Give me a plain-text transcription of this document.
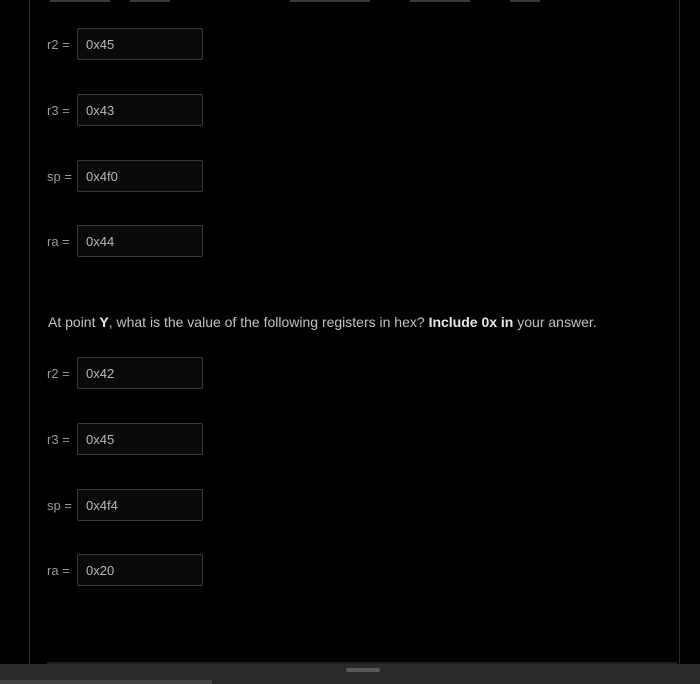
r2 =	0x45
r3 =	0x43
sp =	0x4f0
ra =	0x44
At point Y, what is the value of the following registers in hex? Include 0x in your answer.
r2 =	0x42
r3 =	0x45
sp =	0x4f4
ra =	0x20
